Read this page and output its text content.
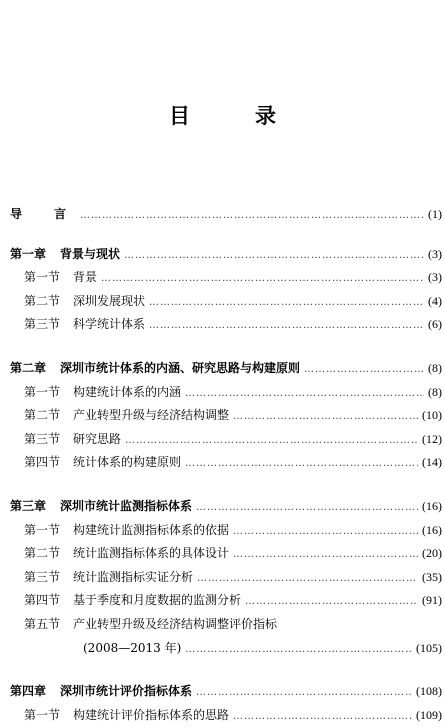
目　录
导　言 …………………………………………………………………………………………………………………………………………	(1)
第一章 背景与现状 …………………………………………………………………………………………………………………………………………	(3)
第一节 背景 …………………………………………………………………………………………………………………………………………	(3)
第二节 深圳发展现状 …………………………………………………………………………………………………………………………………………	(4)
第三节 科学统计体系 …………………………………………………………………………………………………………………………………………	(6)
第二章 深圳市统计体系的内涵、研究思路与构建原则 …………………………………………………………………………………………………………………………………………	(8)
第一节 构建统计体系的内涵 …………………………………………………………………………………………………………………………………………	(8)
第二节 产业转型升级与经济结构调整 …………………………………………………………………………………………………………………………………………	(10)
第三节 研究思路 …………………………………………………………………………………………………………………………………………	(12)
第四节 统计体系的构建原则 …………………………………………………………………………………………………………………………………………	(14)
第三章 深圳市统计监测指标体系 …………………………………………………………………………………………………………………………………………	(16)
第一节 构建统计监测指标体系的依据 …………………………………………………………………………………………………………………………………………	(16)
第二节 统计监测指标体系的具体设计 …………………………………………………………………………………………………………………………………………	(20)
第三节 统计监测指标实证分析 …………………………………………………………………………………………………………………………………………	(35)
第四节 基于季度和月度数据的监测分析 …………………………………………………………………………………………………………………………………………	(91)
第五节 产业转型升级及经济结构调整评价指标
(2008—2013 年) …………………………………………………………………………………………………………………………………………	(105)
第四章 深圳市统计评价指标体系 …………………………………………………………………………………………………………………………………………	(108)
第一节 构建统计评价指标体系的思路 …………………………………………………………………………………………………………………………………………	(109)
